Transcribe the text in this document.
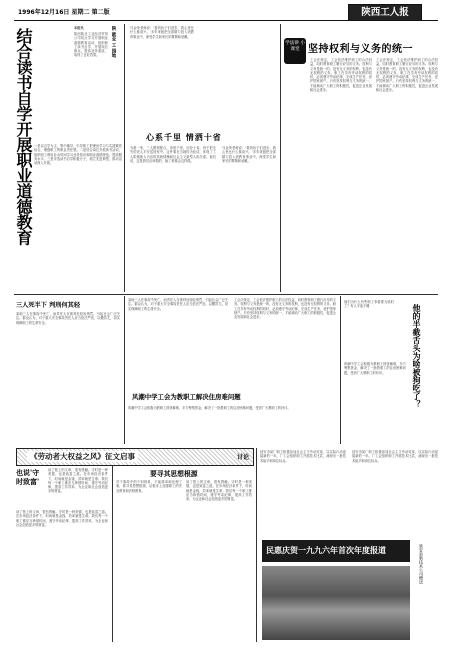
1996年12月16日 星期二 第二版	陕西工人报
陕 就业 工 园地
结合读书自学开展职业道德教育	本报讯
陕西陕北工业经济贸易公司结合学习开展职业道德教育活动，组织职工读书自学，开展岗位练兵，提高业务素质，取得了良好效果。
一是以自学为主，集中辅导，引导职工把理论学习与实践紧密结合，增强职工的职业责任感。二是结合岗位开展读书活动，组织职工利用业余时间学习业务知识和职业道德规范，提高服务水平。三是评选读书自学积极分子，树立先进典型，推动活动深入开展。
马金荣老师说：'看到孩子们进步，我心里比什么都高兴。'多年来她把全部精力投入到教育事业中，深受学生和家长的尊敬和爱戴。
心系千里 情洒十省
为救一家，三人默契配合，奔波千里，历经十省，终于把走失的老人平安送回家中。这件事在当地传为佳话，体现了工人阶级助人为乐的高尚情操和社会主义新型人际关系。他们说，这是我们应该做的，换了谁都会这样做。
马金荣老师说：'看到孩子们进步，我心里比什么都高兴。'多年来她把全部精力投入到教育事业中，深受学生和家长的尊敬和爱戴。
坚持权利与义务的统一
学法律 小课堂
工会法规定，工会依法维护职工的合法权益，同时教育职工履行应尽的义务。权利与义务是统一的，没有无义务的权利，也没有无权利的义务。职工在享有劳动权利的同时，必须遵守劳动纪律，完成生产任务，爱护国家财产。只有坚持权利与义务的统一，才能调动广大职工的积极性，促进企业发展和社会进步。
工会法规定，工会依法维护职工的合法权益，同时教育职工履行应尽的义务。权利与义务是统一的，没有无义务的权利，也没有无权利的义务。职工在享有劳动权利的同时，必须遵守劳动纪律，完成生产任务，爱护国家财产。只有坚持权利与义务的统一，才能调动广大职工的积极性，促进企业发展和社会进步。
三人死半下 判刑何其轻
某地三人在事故中死亡，而责任人仅被判处较轻刑罚，引起社会广泛关注。群众认为，对于重大安全事故责任人应当依法严惩，以儆效尤，切实保障职工的生命安全。
某地三人在事故中死亡，而责任人仅被判处较轻刑罚，引起社会广泛关注。群众认为，对于重大安全事故责任人应当依法严惩，以儆效尤，切实保障职工的生命安全。
工会法规定，工会依法维护职工的合法权益，同时教育职工履行应尽的义务。权利与义务是统一的，没有无义务的权利，也没有无权利的义务。职工在享有劳动权利的同时，必须遵守劳动纪律，完成生产任务，爱护国家财产。只有坚持权利与义务的统一，才能调动广大职工的积极性，促进企业发展和社会进步。
风潮中学工会为教职工解决住房难问题
风潮中学工会积极为教职工排忧解难，多方筹集资金，解决了一批教职工的住房困难问题，受到广大教职工的好评。
他们为什么有些职工争着要当临时工？有人半夜不睡	他的半截舌头为啥被狗吃了？
风潮中学工会积极为教职工排忧解难，多方筹集资金，解决了一批教职工的住房困难问题，受到广大教职工的好评。
《劳动者大权益之风》征文启事	讨论
也说'守时致富'
读了报上的文章，很有感触。守时是一种美德，也是致富之道。在市场经济条件下，时间就是金钱，效率就是生命。我们每一个职工都应当珍惜时间，遵守劳动纪律，提高工作效率，为企业和社会创造更多的财富。
读了报上的文章，很有感触。守时是一种美德，也是致富之道。在市场经济条件下，时间就是金钱，效率就是生命。我们每一个职工都应当珍惜时间，遵守劳动纪律，提高工作效率，为企业和社会创造更多的财富。
要寻其思想根源
对于事故中的个别现象，不能简单地处理了事，要寻其思想根源，从根本上加强职工的安全教育和法制教育。
读了报上的文章，很有感触。守时是一种美德，也是致富之道。在市场经济条件下，时间就是金钱，效率就是生命。我们每一个职工都应当珍惜时间，遵守劳动纪律，提高工作效率，为企业和社会创造更多的财富。
延安市某厂职工积极参加社会主义劳动竞赛，以实际行动迎接新的一年。厂工会组织职工开展技术比武，涌现出一批技术能手和岗位标兵。
延安市某厂职工积极参加社会主义劳动竞赛，以实际行动迎接新的一年。厂工会组织职工开展技术比武，涌现出一批技术能手和岗位标兵。
民惠庆贺一九九六年首次年度报道	延安县新技术公司赠送
